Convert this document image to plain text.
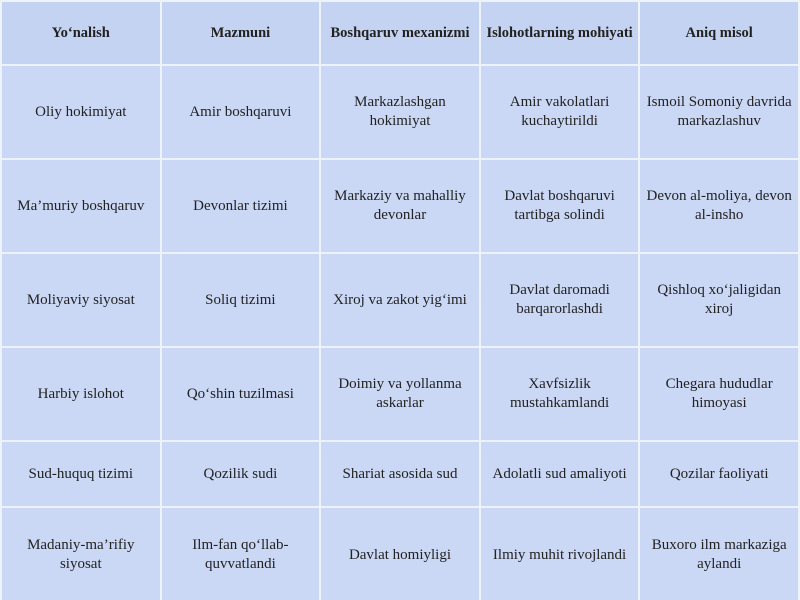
Yo‘nalish	Mazmuni	Boshqaruv mexanizmi	Islohotlarning mohiyati	Aniq misol
Oliy hokimiyat	Amir boshqaruvi	Markazlashgan hokimiyat	Amir vakolatlari kuchaytirildi	Ismoil Somoniy davrida markazlashuv
Ma’muriy boshqaruv	Devonlar tizimi	Markaziy va mahalliy devonlar	Davlat boshqaruvi tartibga solindi	Devon al-moliya, devon al-insho
Moliyaviy siyosat	Soliq tizimi	Xiroj va zakot yig‘imi	Davlat daromadi barqarorlashdi	Qishloq xo‘jaligidan xiroj
Harbiy islohot	Qo‘shin tuzilmasi	Doimiy va yollanma askarlar	Xavfsizlik mustahkamlandi	Chegara hududlar himoyasi
Sud-huquq tizimi	Qozilik sudi	Shariat asosida sud	Adolatli sud amaliyoti	Qozilar faoliyati
Madaniy-ma’rifiy siyosat	Ilm-fan qo‘llab-quvvatlandi	Davlat homiyligi	Ilmiy muhit rivojlandi	Buxoro ilm markaziga aylandi
